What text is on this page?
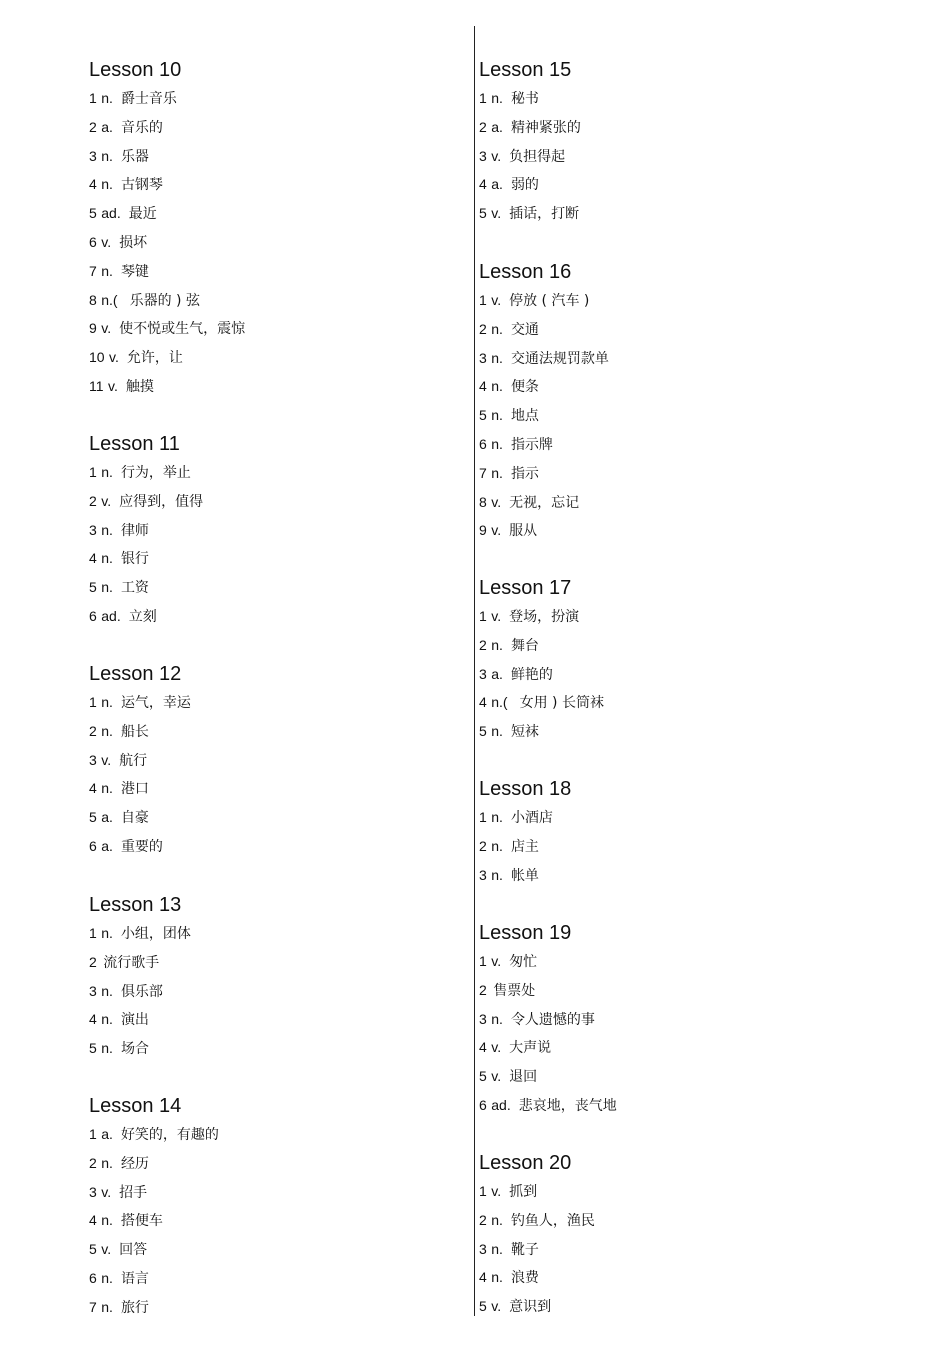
Lesson 10
1 n. 爵士音乐
2 a. 音乐的
3 n. 乐器
4 n. 古钢琴
5 ad. 最近
6 v. 损坏
7 n. 琴键
8 n.( 乐器的 ) 弦
9 v. 使不悦或生气，震惊
10 v. 允许，让
11 v. 触摸
Lesson 11
1 n. 行为，举止
2 v. 应得到，值得
3 n. 律师
4 n. 银行
5 n. 工资
6 ad. 立刻
Lesson 12
1 n. 运气，幸运
2 n. 船长
3 v. 航行
4 n. 港口
5 a. 自豪
6 a. 重要的
Lesson 13
1 n. 小组，团体
2 流行歌手
3 n. 俱乐部
4 n. 演出
5 n. 场合
Lesson 14
1 a. 好笑的，有趣的
2 n. 经历
3 v. 招手
4 n. 搭便车
5 v. 回答
6 n. 语言
7 n. 旅行
Lesson 15
1 n. 秘书
2 a. 精神紧张的
3 v. 负担得起
4 a. 弱的
5 v. 插话，打断
Lesson 16
1 v. 停放 ( 汽车 )
2 n. 交通
3 n. 交通法规罚款单
4 n. 便条
5 n. 地点
6 n. 指示牌
7 n. 指示
8 v. 无视，忘记
9 v. 服从
Lesson 17
1 v. 登场，扮演
2 n. 舞台
3 a. 鲜艳的
4 n.( 女用 ) 长筒袜
5 n. 短袜
Lesson 18
1 n. 小酒店
2 n. 店主
3 n. 帐单
Lesson 19
1 v. 匆忙
2 售票处
3 n. 令人遗憾的事
4 v. 大声说
5 v. 退回
6 ad. 悲哀地，丧气地
Lesson 20
1 v. 抓到
2 n. 钓鱼人，渔民
3 n. 靴子
4 n. 浪费
5 v. 意识到
